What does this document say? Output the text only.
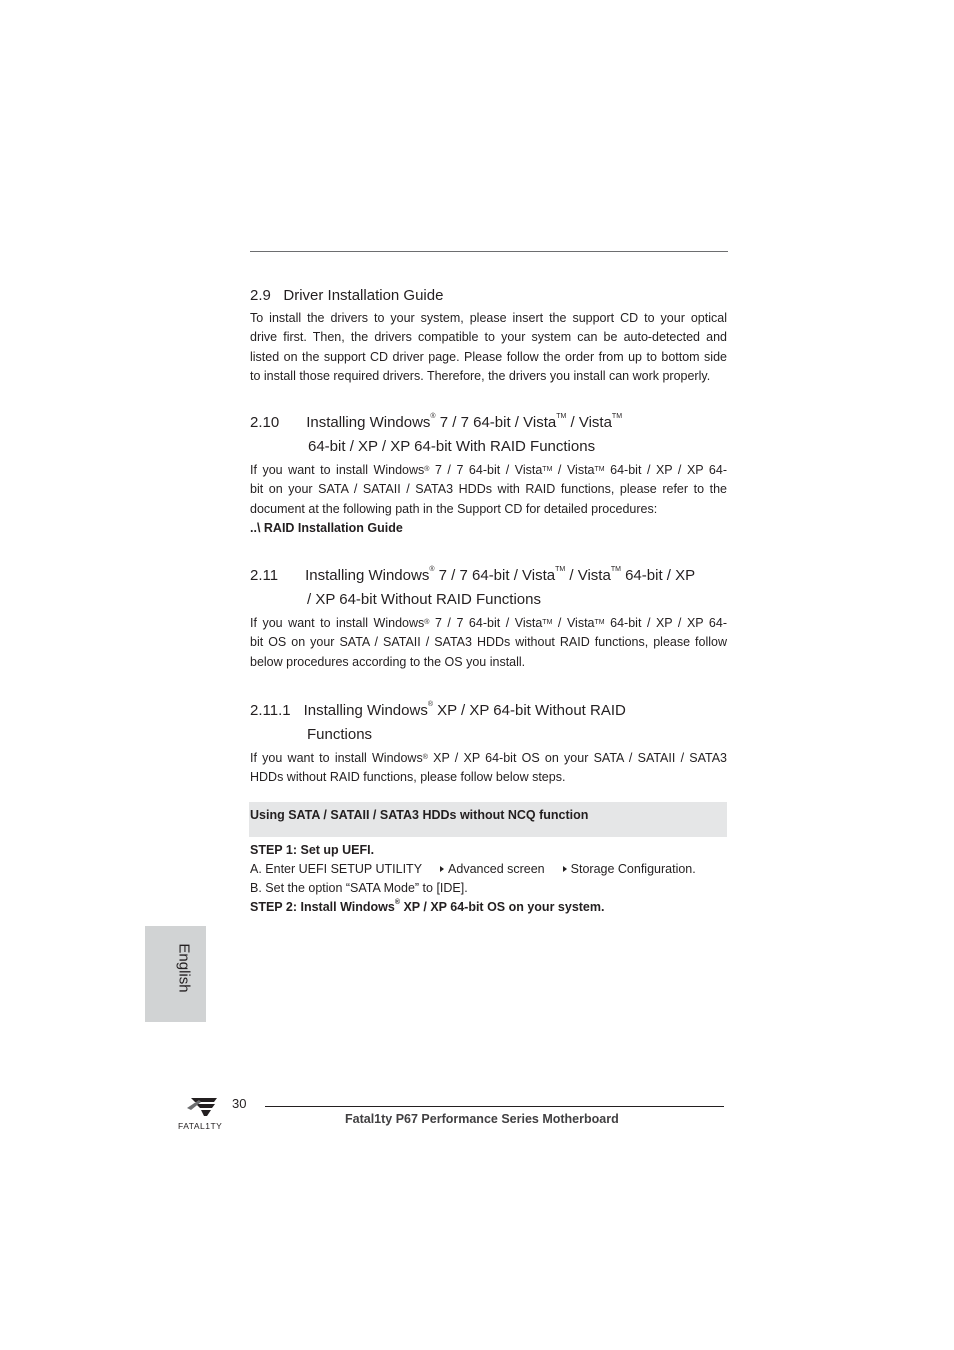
2.9 Driver Installation Guide
To install the drivers to your system, please insert the support CD to your optical
drive first. Then, the drivers compatible to your system can be auto-detected and
listed on the support CD driver page. Please follow the order from up to bottom side
to install those required drivers. Therefore, the drivers you install can work properly.
2.10 Installing Windows® 7 / 7 64-bit / Vista™ / Vista™
64-bit / XP / XP 64-bit With RAID Functions
If you want to install Windows® 7 / 7 64-bit / Vista™ / Vista™ 64-bit / XP / XP 64-
bit on your SATA / SATAII / SATA3 HDDs with RAID functions, please refer to the
document at the following path in the Support CD for detailed procedures:
..\ RAID Installation Guide
2.11 Installing Windows® 7 / 7 64-bit / Vista™ / Vista™ 64-bit / XP
/ XP 64-bit Without RAID Functions
If you want to install Windows® 7 / 7 64-bit / Vista™ / Vista™ 64-bit / XP / XP 64-
bit OS on your SATA / SATAII / SATA3 HDDs without RAID functions, please follow
below procedures according to the OS you install.
2.11.1 Installing Windows® XP / XP 64-bit Without RAID
Functions
If you want to install Windows® XP / XP 64-bit OS on your SATA / SATAII / SATA3
HDDs without RAID functions, please follow below steps.
Using SATA / SATAII / SATA3 HDDs without NCQ function
STEP 1: Set up UEFI.
A. Enter UEFI SETUP UTILITY Advanced screen Storage Configuration.
B. Set the option “SATA Mode” to [IDE].
STEP 2: Install Windows® XP / XP 64-bit OS on your system.
English
FATAL1TY
30
Fatal1ty P67 Performance Series Motherboard
